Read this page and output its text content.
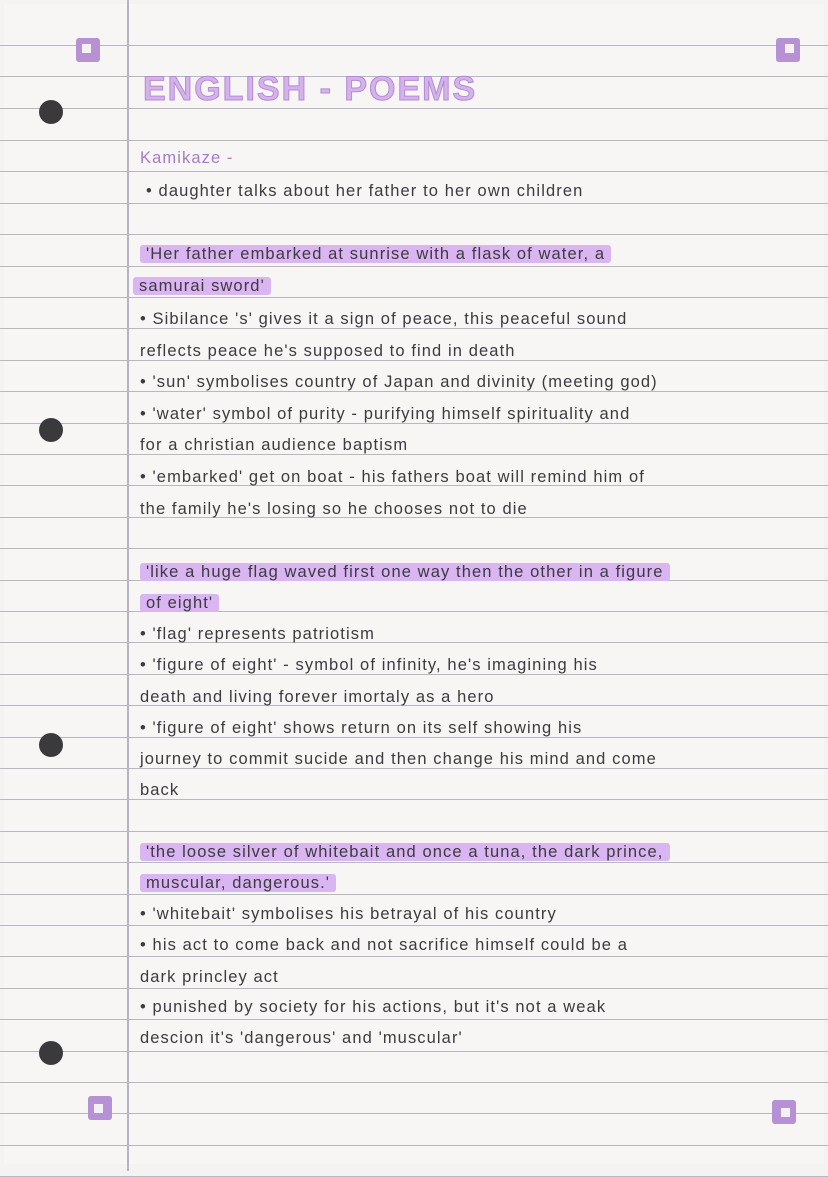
ENGLISH - POEMS
Kamikaze -
• daughter talks about her father to her own children
'Her father embarked at sunrise with a flask of water, a
samurai sword'
• Sibilance 's' gives it a sign of peace, this peaceful sound
reflects peace he's supposed to find in death
• 'sun' symbolises country of Japan and divinity (meeting god)
• 'water' symbol of purity - purifying himself spirituality and
for a christian audience baptism
• 'embarked' get on boat - his fathers boat will remind him of
the family he's losing so he chooses not to die
'like a huge flag waved first one way then the other in a figure
of eight'
• 'flag' represents patriotism
• 'figure of eight' - symbol of infinity, he's imagining his
death and living forever imortaly as a hero
• 'figure of eight' shows return on its self showing his
journey to commit sucide and then change his mind and come
back
'the loose silver of whitebait and once a tuna, the dark prince,
muscular, dangerous.'
• 'whitebait' symbolises his betrayal of his country
• his act to come back and not sacrifice himself could be a
dark princley act
• punished by society for his actions, but it's not a weak
descion it's 'dangerous' and 'muscular'
